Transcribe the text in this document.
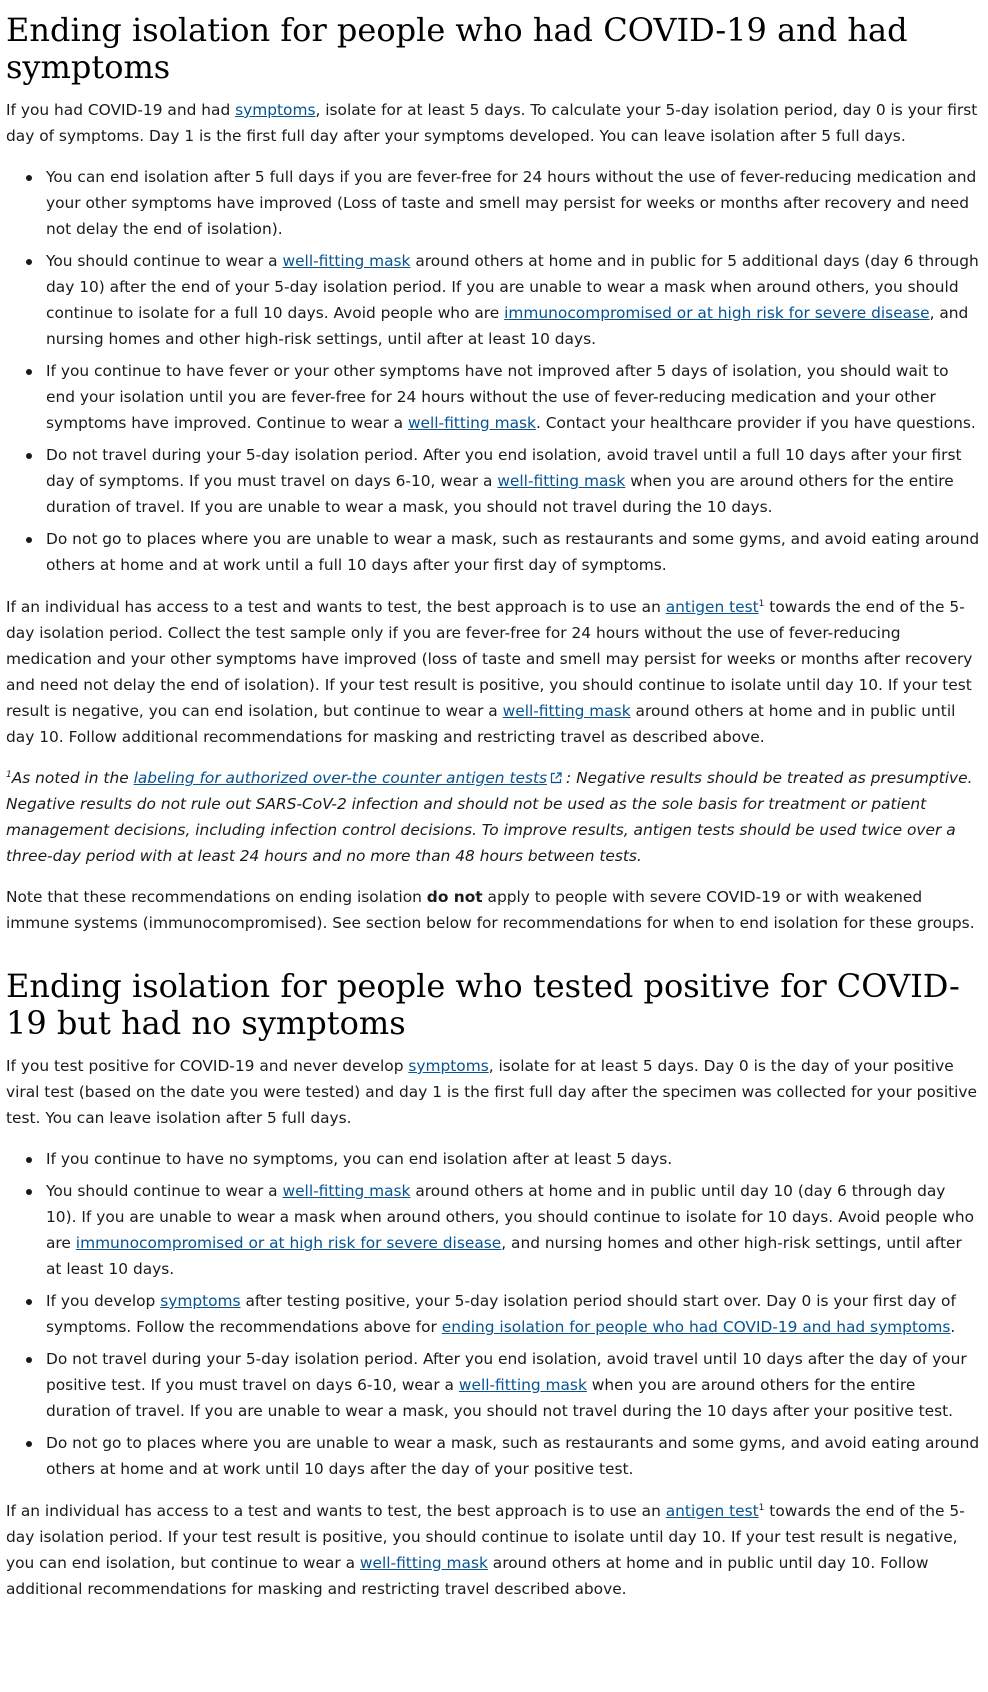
Ending isolation for people who had COVID-19 and had symptoms

If you had COVID-19 and had symptoms, isolate for at least 5 days. To calculate your 5-day isolation period, day 0 is your first day of symptoms. Day 1 is the first full day after your symptoms developed. You can leave isolation after 5 full days.

You can end isolation after 5 full days if you are fever-free for 24 hours without the use of fever-reducing medication and your other symptoms have improved (Loss of taste and smell may persist for weeks or months after recovery and need not delay the end of isolation).
You should continue to wear a well-fitting mask around others at home and in public for 5 additional days (day 6 through day 10) after the end of your 5-day isolation period. If you are unable to wear a mask when around others, you should continue to isolate for a full 10 days. Avoid people who are immunocompromised or at high risk for severe disease, and nursing homes and other high-risk settings, until after at least 10 days.
If you continue to have fever or your other symptoms have not improved after 5 days of isolation, you should wait to end your isolation until you are fever-free for 24 hours without the use of fever-reducing medication and your other symptoms have improved. Continue to wear a well-fitting mask. Contact your healthcare provider if you have questions.
Do not travel during your 5-day isolation period. After you end isolation, avoid travel until a full 10 days after your first day of symptoms. If you must travel on days 6-10, wear a well-fitting mask when you are around others for the entire duration of travel. If you are unable to wear a mask, you should not travel during the 10 days.
Do not go to places where you are unable to wear a mask, such as restaurants and some gyms, and avoid eating around others at home and at work until a full 10 days after your first day of symptoms.

If an individual has access to a test and wants to test, the best approach is to use an antigen test$^1$ towards the end of the 5-day isolation period. Collect the test sample only if you are fever-free for 24 hours without the use of fever-reducing medication and your other symptoms have improved (loss of taste and smell may persist for weeks or months after recovery and need not delay the end of isolation). If your test result is positive, you should continue to isolate until day 10. If your test result is negative, you can end isolation, but continue to wear a well-fitting mask around others at home and in public until day 10. Follow additional recommendations for masking and restricting travel as described above.

$^1$As noted in the labeling for authorized over-the counter antigen tests : Negative results should be treated as presumptive. Negative results do not rule out SARS-CoV-2 infection and should not be used as the sole basis for treatment or patient management decisions, including infection control decisions. To improve results, antigen tests should be used twice over a three-day period with at least 24 hours and no more than 48 hours between tests.

Note that these recommendations on ending isolation do not apply to people with severe COVID-19 or with weakened immune systems (immunocompromised). See section below for recommendations for when to end isolation for these groups.

Ending isolation for people who tested positive for COVID-19 but had no symptoms

If you test positive for COVID-19 and never develop symptoms, isolate for at least 5 days. Day 0 is the day of your positive viral test (based on the date you were tested) and day 1 is the first full day after the specimen was collected for your positive test. You can leave isolation after 5 full days.

If you continue to have no symptoms, you can end isolation after at least 5 days.
You should continue to wear a well-fitting mask around others at home and in public until day 10 (day 6 through day 10). If you are unable to wear a mask when around others, you should continue to isolate for 10 days. Avoid people who are immunocompromised or at high risk for severe disease, and nursing homes and other high-risk settings, until after at least 10 days.
If you develop symptoms after testing positive, your 5-day isolation period should start over. Day 0 is your first day of symptoms. Follow the recommendations above for ending isolation for people who had COVID-19 and had symptoms.
Do not travel during your 5-day isolation period. After you end isolation, avoid travel until 10 days after the day of your positive test. If you must travel on days 6-10, wear a well-fitting mask when you are around others for the entire duration of travel. If you are unable to wear a mask, you should not travel during the 10 days after your positive test.
Do not go to places where you are unable to wear a mask, such as restaurants and some gyms, and avoid eating around others at home and at work until 10 days after the day of your positive test.

If an individual has access to a test and wants to test, the best approach is to use an antigen test$^1$ towards the end of the 5-day isolation period. If your test result is positive, you should continue to isolate until day 10. If your test result is negative, you can end isolation, but continue to wear a well-fitting mask around others at home and in public until day 10. Follow additional recommendations for masking and restricting travel described above.
